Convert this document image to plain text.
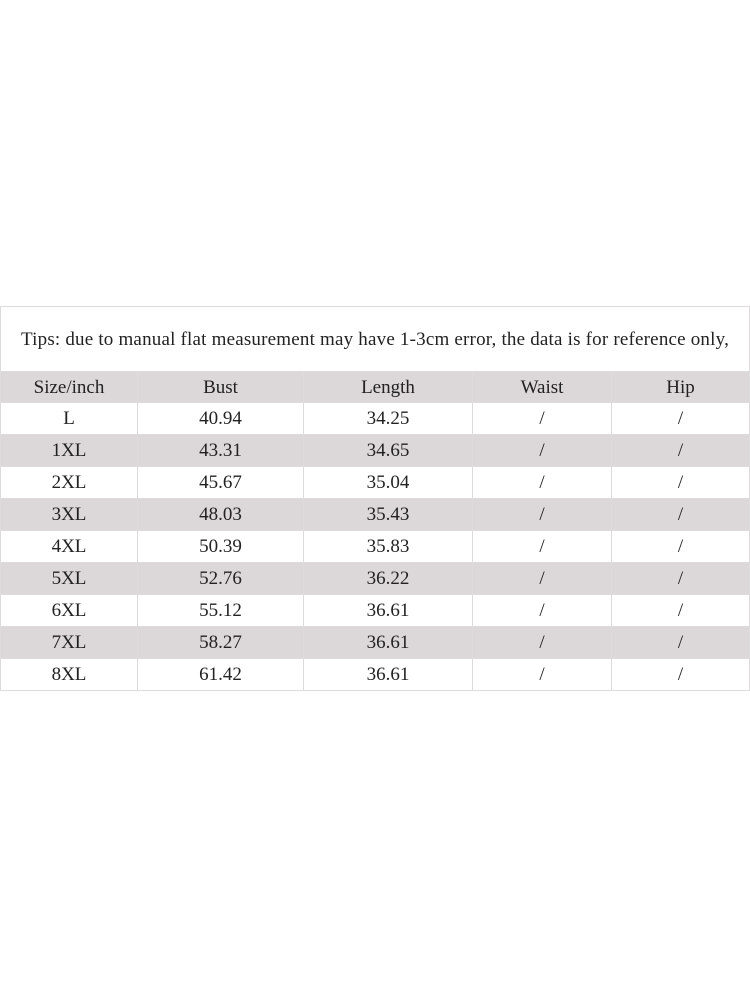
Tips: due to manual flat measurement may have 1-3cm error, the data is for reference only,				
Size/inch	Bust	Length	Waist	Hip
L	40.94	34.25	/	/
1XL	43.31	34.65	/	/
2XL	45.67	35.04	/	/
3XL	48.03	35.43	/	/
4XL	50.39	35.83	/	/
5XL	52.76	36.22	/	/
6XL	55.12	36.61	/	/
7XL	58.27	36.61	/	/
8XL	61.42	36.61	/	/
